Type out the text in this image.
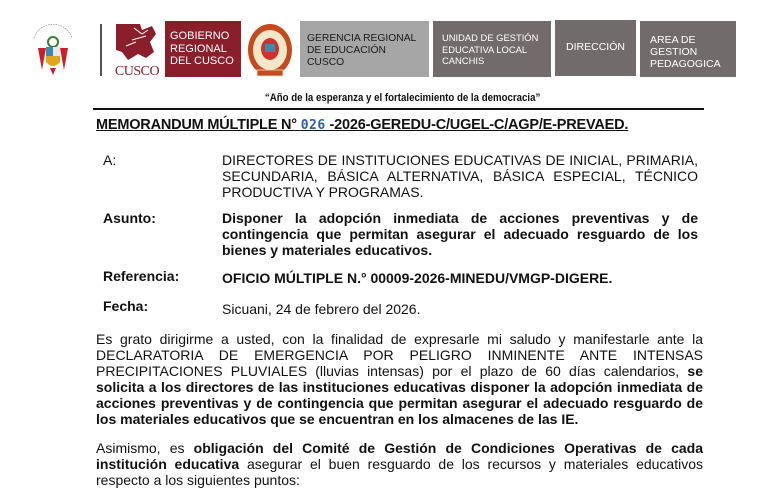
CUSCO
GOBIERNO
REGIONAL
DEL CUSCO
GERENCIA REGIONAL
DE EDUCACIÓN
CUSCO
UNIDAD DE GESTIÓN
EDUCATIVA LOCAL
CANCHIS
DIRECCIÓN
AREA DE
GESTION
PEDAGOGICA
“Año de la esperanza y el fortalecimiento de la democracia”
MEMORANDUM MÚLTIPLE N° 026 -2026-GEREDU-C/UGEL-C/AGP/E-PREVAED.
A:	DIRECTORES DE INSTITUCIONES EDUCATIVAS DE INICIAL, PRIMARIA, SECUNDARIA, BÁSICA ALTERNATIVA, BÁSICA ESPECIAL, TÉCNICO PRODUCTIVA Y PROGRAMAS.
Asunto:	Disponer la adopción inmediata de acciones preventivas y de contingencia que permitan asegurar el adecuado resguardo de los bienes y materiales educativos.
Referencia:	OFICIO MÚLTIPLE N.° 00009-2026-MINEDU/VMGP-DIGERE.
Fecha:	Sicuani, 24 de febrero del 2026.
Es grato dirigirme a usted, con la finalidad de expresarle mi saludo y manifestarle ante la DECLARATORIA DE EMERGENCIA POR PELIGRO INMINENTE ANTE INTENSAS PRECIPITACIONES PLUVIALES (lluvias intensas) por el plazo de 60 días calendarios, se solicita a los directores de las instituciones educativas disponer la adopción inmediata de acciones preventivas y de contingencia que permitan asegurar el adecuado resguardo de los materiales educativos que se encuentran en los almacenes de las IE.
Asimismo, es obligación del Comité de Gestión de Condiciones Operativas de cada institución educativa asegurar el buen resguardo de los recursos y materiales educativos respecto a los siguientes puntos:
